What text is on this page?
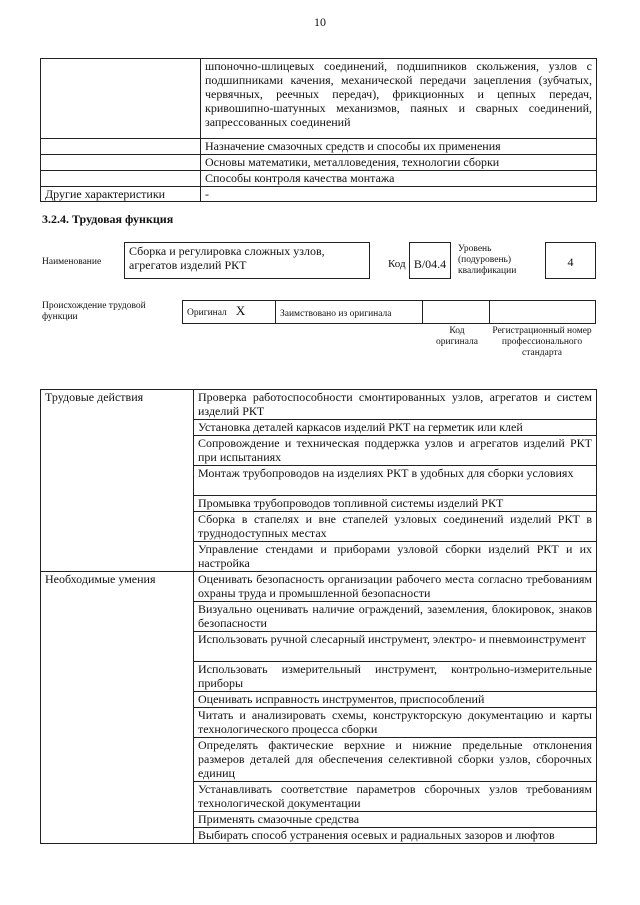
10
	шпоночно-шлицевых соединений, подшипников скольжения, узлов с подшипниками качения, механической передачи зацепления (зубчатых, червячных, реечных передач), фрикционных и цепных передач, кривошипно-шатунных механизмов, паяных и сварных соединений, запрессованных соединений
	Назначение смазочных средств и способы их применения
	Основы математики, металловедения, технологии сборки
	Способы контроля качества монтажа
Другие характеристики	-
3.2.4. Трудовая функция
Наименование
Сборка и регулировка сложных узлов, агрегатов изделий РКТ	Код В/04.4
Уровень (подуровень) квалификации
4
Происхождение трудовой функции	Оригинал Х	Заимствовано из оригинала
Код оригинала
Регистрационный номер профессионального стандарта
Трудовые действия	Проверка работоспособности смонтированных узлов, агрегатов и систем изделий РКТ
	Установка деталей каркасов изделий РКТ на герметик или клей
	Сопровождение и техническая поддержка узлов и агрегатов изделий РКТ при испытаниях
	Монтаж трубопроводов на изделиях РКТ в удобных для сборки условиях
	Промывка трубопроводов топливной системы изделий РКТ
	Сборка в стапелях и вне стапелей узловых соединений изделий РКТ в труднодоступных местах
	Управление стендами и приборами узловой сборки изделий РКТ и их настройка
Необходимые умения	Оценивать безопасность организации рабочего места согласно требованиям охраны труда и промышленной безопасности
	Визуально оценивать наличие ограждений, заземления, блокировок, знаков безопасности
	Использовать ручной слесарный инструмент, электро- и пневмоинструмент
	Использовать измерительный инструмент, контрольно-измерительные приборы
	Оценивать исправность инструментов, приспособлений
	Читать и анализировать схемы, конструкторскую документацию и карты технологического процесса сборки
	Определять фактические верхние и нижние предельные отклонения размеров деталей для обеспечения селективной сборки узлов, сборочных единиц
	Устанавливать соответствие параметров сборочных узлов требованиям технологической документации
	Применять смазочные средства
	Выбирать способ устранения осевых и радиальных зазоров и люфтов
